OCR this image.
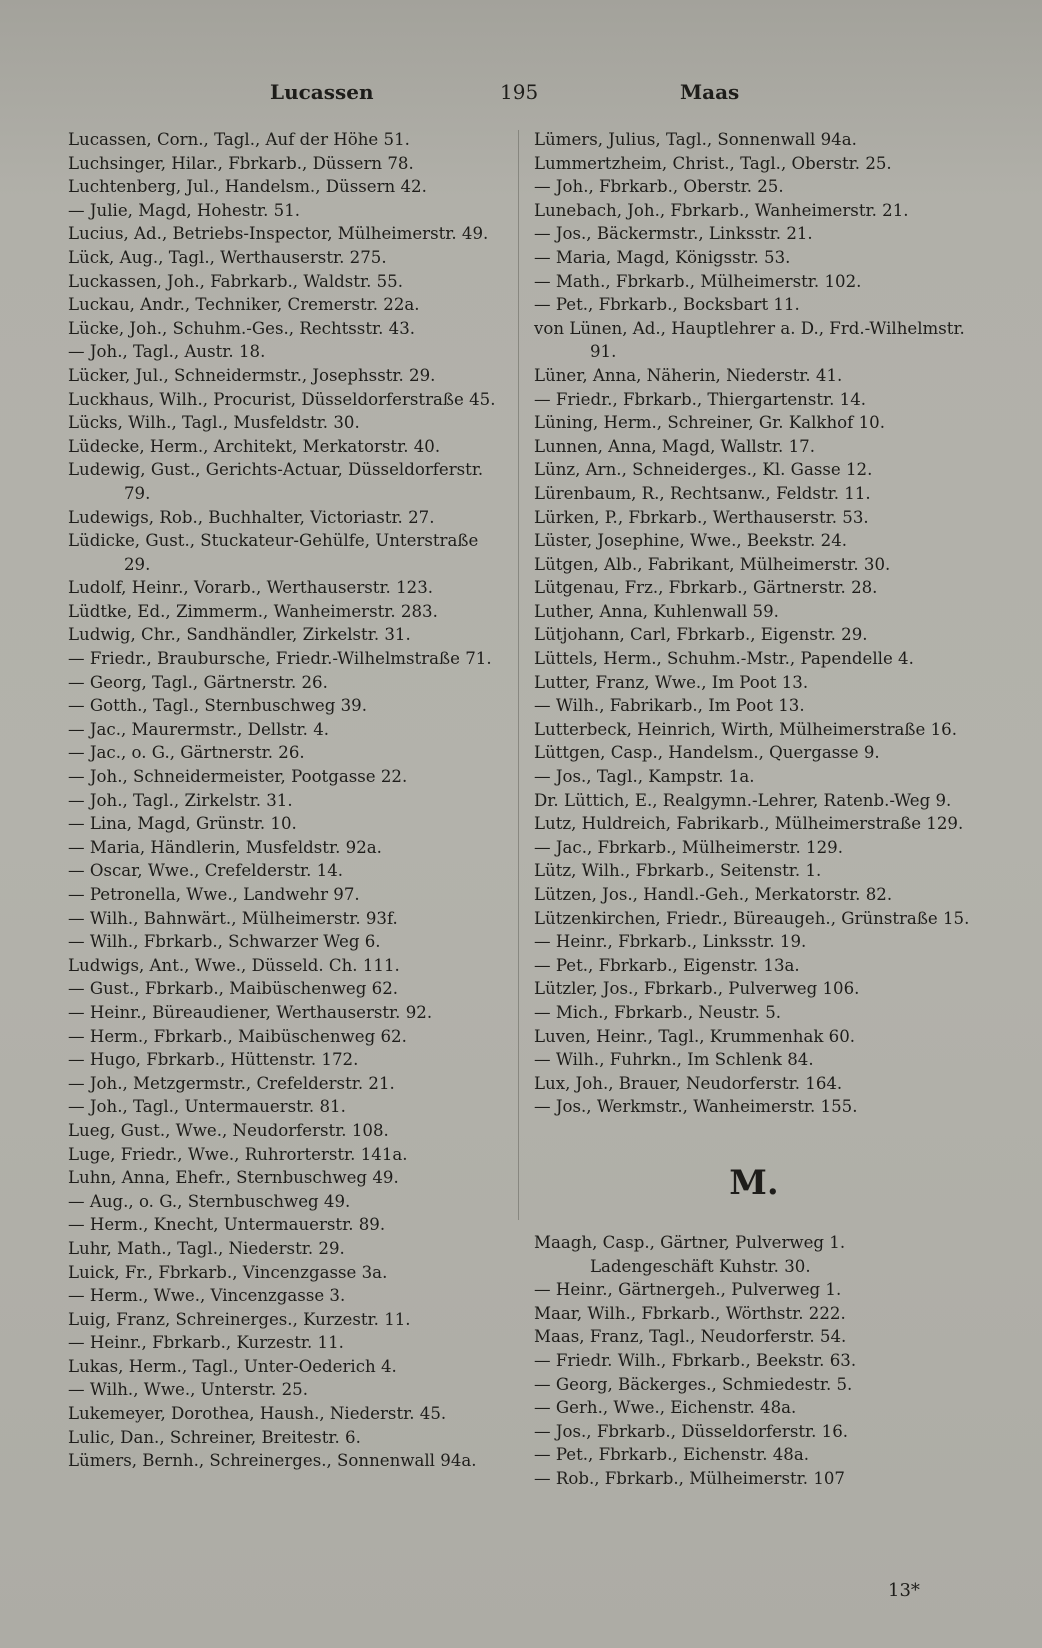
Lucassen	195	Maas
Lucassen, Corn., Tagl., Auf der Höhe 51.
Luchsinger, Hilar., Fbrkarb., Düssern 78.
Luchtenberg, Jul., Handelsm., Düssern 42.
— Julie, Magd, Hohestr. 51.
Lucius, Ad., Betriebs-Inspector, Mülheimerstr. 49.
Lück, Aug., Tagl., Werthauserstr. 275.
Luckassen, Joh., Fabrkarb., Waldstr. 55.
Luckau, Andr., Techniker, Cremerstr. 22a.
Lücke, Joh., Schuhm.-Ges., Rechtsstr. 43.
— Joh., Tagl., Austr. 18.
Lücker, Jul., Schneidermstr., Josephsstr. 29.
Luckhaus, Wilh., Procurist, Düsseldorferstraße 45.
Lücks, Wilh., Tagl., Musfeldstr. 30.
Lüdecke, Herm., Architekt, Merkatorstr. 40.
Ludewig, Gust., Gerichts-Actuar, Düsseldorferstr. 79.
Ludewigs, Rob., Buchhalter, Victoriastr. 27.
Lüdicke, Gust., Stuckateur-Gehülfe, Unterstraße 29.
Ludolf, Heinr., Vorarb., Werthauserstr. 123.
Lüdtke, Ed., Zimmerm., Wanheimerstr. 283.
Ludwig, Chr., Sandhändler, Zirkelstr. 31.
— Friedr., Braubursche, Friedr.-Wilhelmstraße 71.
— Georg, Tagl., Gärtnerstr. 26.
— Gotth., Tagl., Sternbuschweg 39.
— Jac., Maurermstr., Dellstr. 4.
— Jac., o. G., Gärtnerstr. 26.
— Joh., Schneidermeister, Pootgasse 22.
— Joh., Tagl., Zirkelstr. 31.
— Lina, Magd, Grünstr. 10.
— Maria, Händlerin, Musfeldstr. 92a.
— Oscar, Wwe., Crefelderstr. 14.
— Petronella, Wwe., Landwehr 97.
— Wilh., Bahnwärt., Mülheimerstr. 93f.
— Wilh., Fbrkarb., Schwarzer Weg 6.
Ludwigs, Ant., Wwe., Düsseld. Ch. 111.
— Gust., Fbrkarb., Maibüschenweg 62.
— Heinr., Büreaudiener, Werthauserstr. 92.
— Herm., Fbrkarb., Maibüschenweg 62.
— Hugo, Fbrkarb., Hüttenstr. 172.
— Joh., Metzgermstr., Crefelderstr. 21.
— Joh., Tagl., Untermauerstr. 81.
Lueg, Gust., Wwe., Neudorferstr. 108.
Luge, Friedr., Wwe., Ruhrorterstr. 141a.
Luhn, Anna, Ehefr., Sternbuschweg 49.
— Aug., o. G., Sternbuschweg 49.
— Herm., Knecht, Untermauerstr. 89.
Luhr, Math., Tagl., Niederstr. 29.
Luick, Fr., Fbrkarb., Vincenzgasse 3a.
— Herm., Wwe., Vincenzgasse 3.
Luig, Franz, Schreinerges., Kurzestr. 11.
— Heinr., Fbrkarb., Kurzestr. 11.
Lukas, Herm., Tagl., Unter-Oederich 4.
— Wilh., Wwe., Unterstr. 25.
Lukemeyer, Dorothea, Haush., Niederstr. 45.
Lulic, Dan., Schreiner, Breitestr. 6.
Lümers, Bernh., Schreinerges., Sonnenwall 94a.
Lümers, Julius, Tagl., Sonnenwall 94a.
Lummertzheim, Christ., Tagl., Oberstr. 25.
— Joh., Fbrkarb., Oberstr. 25.
Lunebach, Joh., Fbrkarb., Wanheimerstr. 21.
— Jos., Bäckermstr., Linksstr. 21.
— Maria, Magd, Königsstr. 53.
— Math., Fbrkarb., Mülheimerstr. 102.
— Pet., Fbrkarb., Bocksbart 11.
von Lünen, Ad., Hauptlehrer a. D., Frd.-Wilhelmstr. 91.
Lüner, Anna, Näherin, Niederstr. 41.
— Friedr., Fbrkarb., Thiergartenstr. 14.
Lüning, Herm., Schreiner, Gr. Kalkhof 10.
Lunnen, Anna, Magd, Wallstr. 17.
Lünz, Arn., Schneiderges., Kl. Gasse 12.
Lürenbaum, R., Rechtsanw., Feldstr. 11.
Lürken, P., Fbrkarb., Werthauserstr. 53.
Lüster, Josephine, Wwe., Beekstr. 24.
Lütgen, Alb., Fabrikant, Mülheimerstr. 30.
Lütgenau, Frz., Fbrkarb., Gärtnerstr. 28.
Luther, Anna, Kuhlenwall 59.
Lütjohann, Carl, Fbrkarb., Eigenstr. 29.
Lüttels, Herm., Schuhm.-Mstr., Papendelle 4.
Lutter, Franz, Wwe., Im Poot 13.
— Wilh., Fabrikarb., Im Poot 13.
Lutterbeck, Heinrich, Wirth, Mülheimerstraße 16.
Lüttgen, Casp., Handelsm., Quergasse 9.
— Jos., Tagl., Kampstr. 1a.
Dr. Lüttich, E., Realgymn.-Lehrer, Ratenb.-Weg 9.
Lutz, Huldreich, Fabrikarb., Mülheimerstraße 129.
— Jac., Fbrkarb., Mülheimerstr. 129.
Lütz, Wilh., Fbrkarb., Seitenstr. 1.
Lützen, Jos., Handl.-Geh., Merkatorstr. 82.
Lützenkirchen, Friedr., Büreaugeh., Grünstraße 15.
— Heinr., Fbrkarb., Linksstr. 19.
— Pet., Fbrkarb., Eigenstr. 13a.
Lützler, Jos., Fbrkarb., Pulverweg 106.
— Mich., Fbrkarb., Neustr. 5.
Luven, Heinr., Tagl., Krummenhak 60.
— Wilh., Fuhrkn., Im Schlenk 84.
Lux, Joh., Brauer, Neudorferstr. 164.
— Jos., Werkmstr., Wanheimerstr. 155.
M.
Maagh, Casp., Gärtner, Pulverweg 1. Ladengeschäft Kuhstr. 30.
— Heinr., Gärtnergeh., Pulverweg 1.
Maar, Wilh., Fbrkarb., Wörthstr. 222.
Maas, Franz, Tagl., Neudorferstr. 54.
— Friedr. Wilh., Fbrkarb., Beekstr. 63.
— Georg, Bäckerges., Schmiedestr. 5.
— Gerh., Wwe., Eichenstr. 48a.
— Jos., Fbrkarb., Düsseldorferstr. 16.
— Pet., Fbrkarb., Eichenstr. 48a.
— Rob., Fbrkarb., Mülheimerstr. 107
13*
